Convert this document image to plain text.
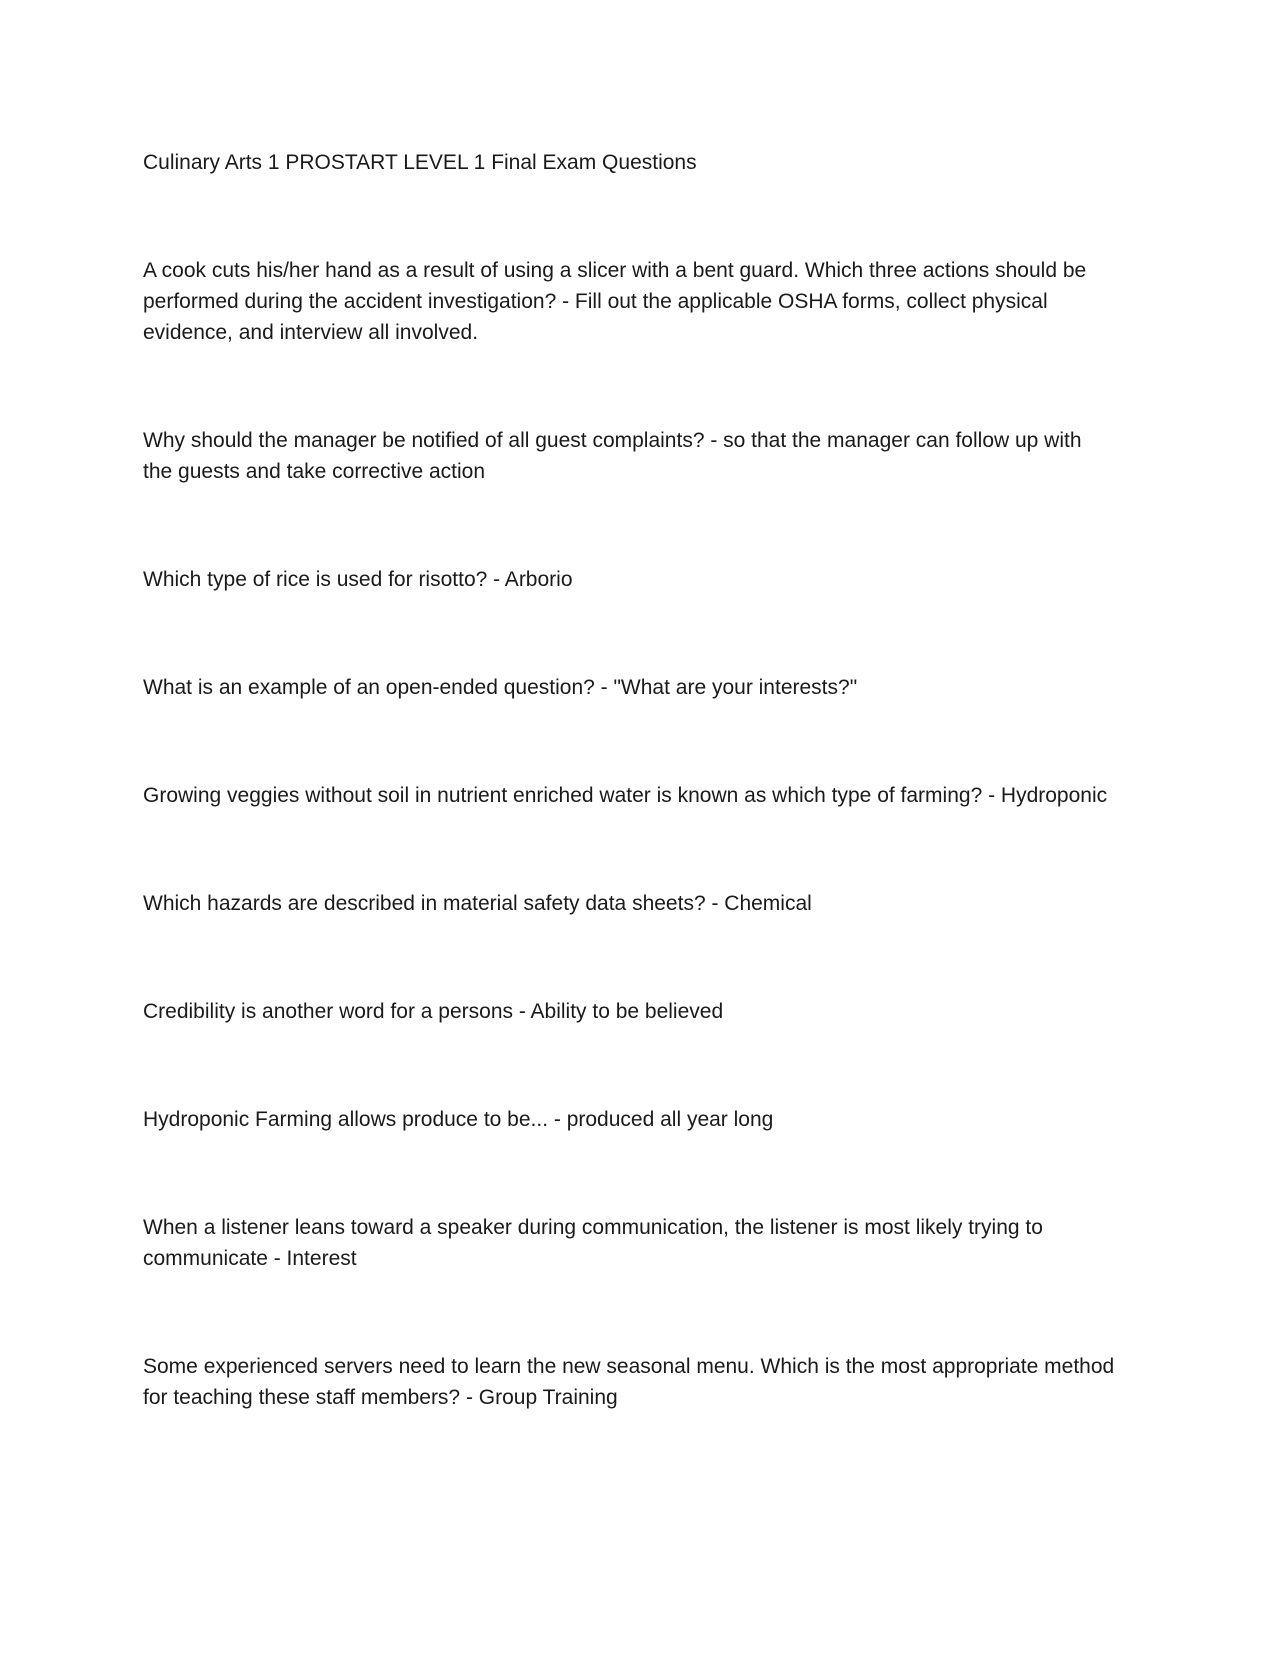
Culinary Arts 1 PROSTART LEVEL 1 Final Exam Questions

A cook cuts his/her hand as a result of using a slicer with a bent guard. Which three actions should be performed during the accident investigation? - Fill out the applicable OSHA forms, collect physical evidence, and interview all involved.

Why should the manager be notified of all guest complaints? - so that the manager can follow up with the guests and take corrective action

Which type of rice is used for risotto? - Arborio

What is an example of an open-ended question? - "What are your interests?"

Growing veggies without soil in nutrient enriched water is known as which type of farming? - Hydroponic

Which hazards are described in material safety data sheets? - Chemical

Credibility is another word for a persons - Ability to be believed

Hydroponic Farming allows produce to be... - produced all year long

When a listener leans toward a speaker during communication, the listener is most likely trying to communicate - Interest

Some experienced servers need to learn the new seasonal menu. Which is the most appropriate method for teaching these staff members? - Group Training
